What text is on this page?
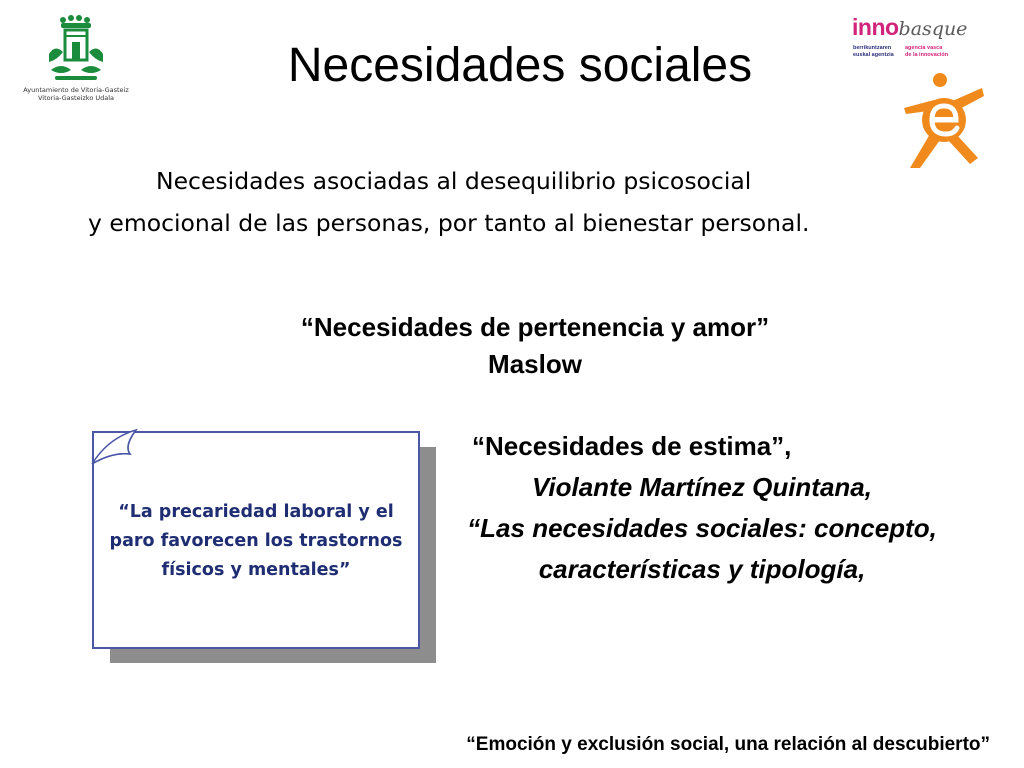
Ayuntamiento de Vitoria-Gasteiz
Vitoria-Gasteizko Udala
Necesidades sociales
innobasque
berrikuntzaren
euskal agentzia
agencia vasca
de la innovación
Necesidades asociadas al desequilibrio psicosocial
y emocional de las personas, por tanto al bienestar personal.
“Necesidades de pertenencia y amor”
Maslow
“La precariedad laboral y el paro favorecen los trastornos físicos y mentales”
“Necesidades de estima”,
Violante Martínez Quintana,
“Las necesidades sociales: concepto, características y tipología,
“Emoción y exclusión social, una relación al descubierto”
